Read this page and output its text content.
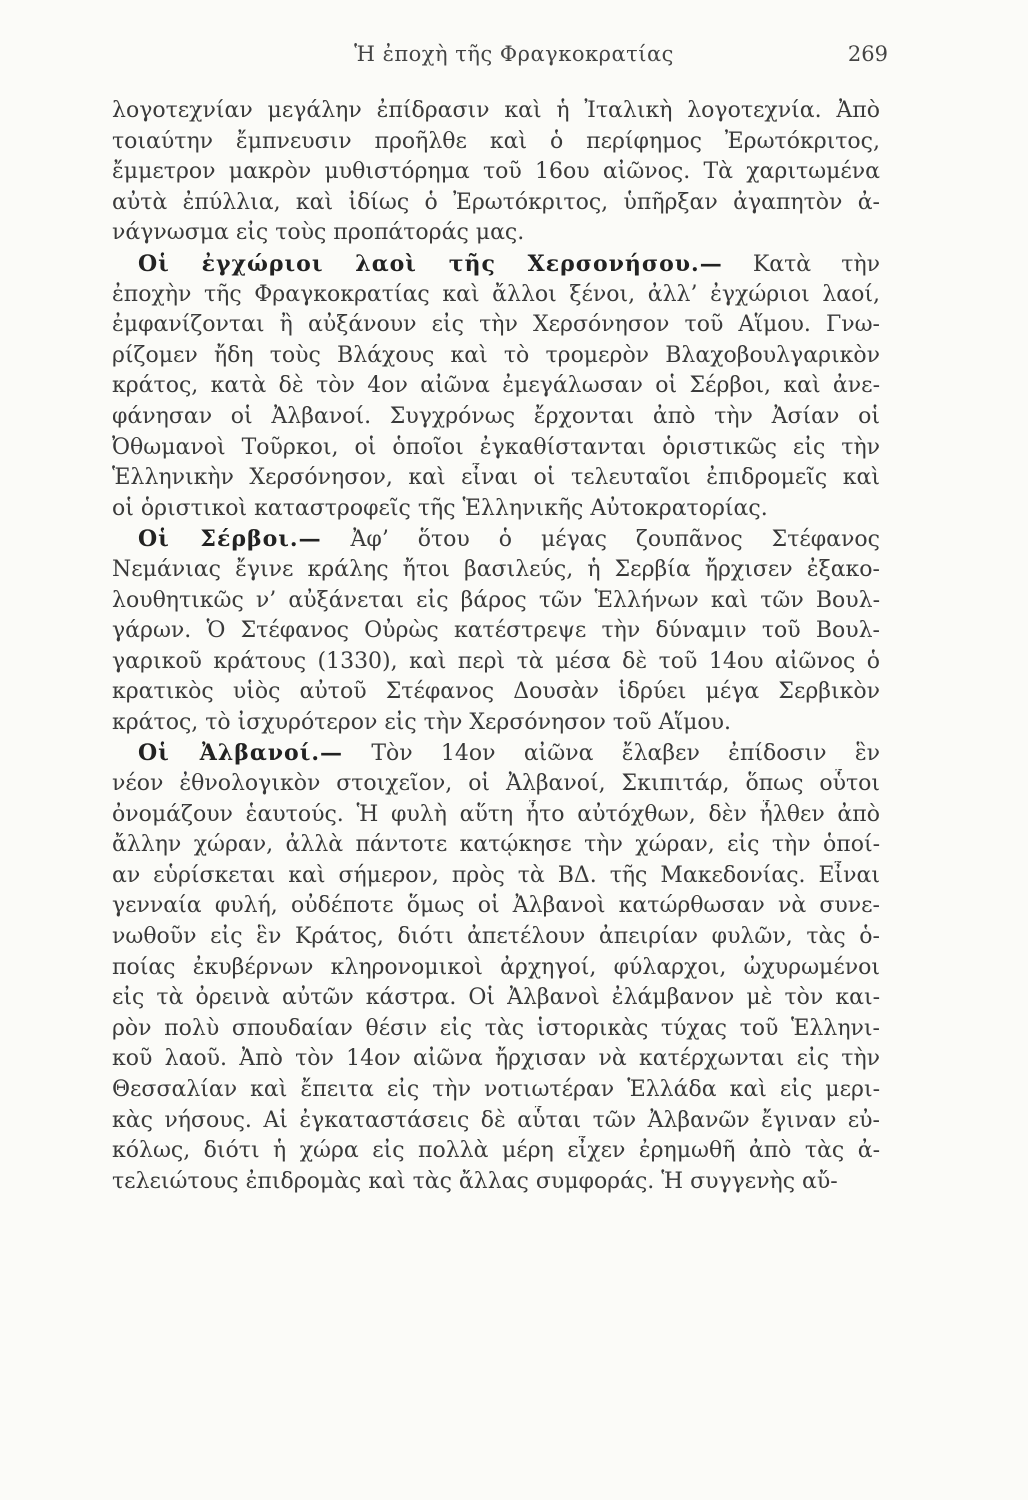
Ἡ ἐποχὴ τῆς Φραγκοκρατίας	269
λογοτεχνίαν μεγάλην ἐπίδρασιν καὶ ἡ Ἰταλικὴ λογοτεχνία. Ἀπὸ
τοιαύτην ἔμπνευσιν προῆλθε καὶ ὁ περίφημος Ἐρωτόκριτος,
ἔμμετρον μακρὸν μυθιστόρημα τοῦ 16ου αἰῶνος. Τὰ χαριτωμένα
αὐτὰ ἐπύλλια, καὶ ἰδίως ὁ Ἐρωτόκριτος, ὑπῆρξαν ἀγαπητὸν ἀ-
νάγνωσμα εἰς τοὺς προπάτοράς μας.
Οἱ ἐγχώριοι λαοὶ τῆς Χερσονήσου.— Κατὰ τὴν
ἐποχὴν τῆς Φραγκοκρατίας καὶ ἄλλοι ξένοι, ἀλλ’ ἐγχώριοι λαοί,
ἐμφανίζονται ἢ αὐξάνουν εἰς τὴν Χερσόνησον τοῦ Αἵμου. Γνω-
ρίζομεν ἤδη τοὺς Βλάχους καὶ τὸ τρομερὸν Βλαχοβουλγαρικὸν
κράτος, κατὰ δὲ τὸν 4ον αἰῶνα ἐμεγάλωσαν οἱ Σέρβοι, καὶ ἀνε-
φάνησαν οἱ Ἀλβανοί. Συγχρόνως ἔρχονται ἀπὸ τὴν Ἀσίαν οἱ
Ὀθωμανοὶ Τοῦρκοι, οἱ ὁποῖοι ἐγκαθίστανται ὁριστικῶς εἰς τὴν
Ἑλληνικὴν Χερσόνησον, καὶ εἶναι οἱ τελευταῖοι ἐπιδρομεῖς καὶ
οἱ ὁριστικοὶ καταστροφεῖς τῆς Ἑλληνικῆς Αὐτοκρατορίας.
Οἱ Σέρβοι.— Ἀφ’ ὅτου ὁ μέγας ζουπᾶνος Στέφανος
Νεμάνιας ἔγινε κράλης ἤτοι βασιλεύς, ἡ Σερβία ἤρχισεν ἐξακο-
λουθητικῶς ν’ αὐξάνεται εἰς βάρος τῶν Ἑλλήνων καὶ τῶν Βουλ-
γάρων. Ὁ Στέφανος Οὐρὼς κατέστρεψε τὴν δύναμιν τοῦ Βουλ-
γαρικοῦ κράτους (1330), καὶ περὶ τὰ μέσα δὲ τοῦ 14ου αἰῶνος ὁ
κρατικὸς υἱὸς αὐτοῦ Στέφανος Δουσὰν ἱδρύει μέγα Σερβικὸν
κράτος, τὸ ἰσχυρότερον εἰς τὴν Χερσόνησον τοῦ Αἵμου.
Οἱ Ἀλβανοί.— Τὸν 14ον αἰῶνα ἔλαβεν ἐπίδοσιν ἓν
νέον ἐθνολογικὸν στοιχεῖον, οἱ Ἀλβανοί, Σκιπιτάρ, ὅπως οὗτοι
ὀνομάζουν ἑαυτούς. Ἡ φυλὴ αὕτη ἦτο αὐτόχθων, δὲν ἦλθεν ἀπὸ
ἄλλην χώραν, ἀλλὰ πάντοτε κατῴκησε τὴν χώραν, εἰς τὴν ὁποί-
αν εὑρίσκεται καὶ σήμερον, πρὸς τὰ ΒΔ. τῆς Μακεδονίας. Εἶναι
γενναία φυλή, οὐδέποτε ὅμως οἱ Ἀλβανοὶ κατώρθωσαν νὰ συνε-
νωθοῦν εἰς ἓν Κράτος, διότι ἀπετέλουν ἀπειρίαν φυλῶν, τὰς ὁ-
ποίας ἐκυβέρνων κληρονομικοὶ ἀρχηγοί, φύλαρχοι, ὠχυρωμένοι
εἰς τὰ ὀρεινὰ αὐτῶν κάστρα. Οἱ Ἀλβανοὶ ἐλάμβανον μὲ τὸν και-
ρὸν πολὺ σπουδαίαν θέσιν εἰς τὰς ἱστορικὰς τύχας τοῦ Ἑλληνι-
κοῦ λαοῦ. Ἀπὸ τὸν 14ον αἰῶνα ἤρχισαν νὰ κατέρχωνται εἰς τὴν
Θεσσαλίαν καὶ ἔπειτα εἰς τὴν νοτιωτέραν Ἑλλάδα καὶ εἰς μερι-
κὰς νήσους. Αἱ ἐγκαταστάσεις δὲ αὗται τῶν Ἀλβανῶν ἔγιναν εὐ-
κόλως, διότι ἡ χώρα εἰς πολλὰ μέρη εἶχεν ἐρημωθῆ ἀπὸ τὰς ἀ-
τελειώτους ἐπιδρομὰς καὶ τὰς ἄλλας συμφοράς. Ἡ συγγενὴς αὔ-
